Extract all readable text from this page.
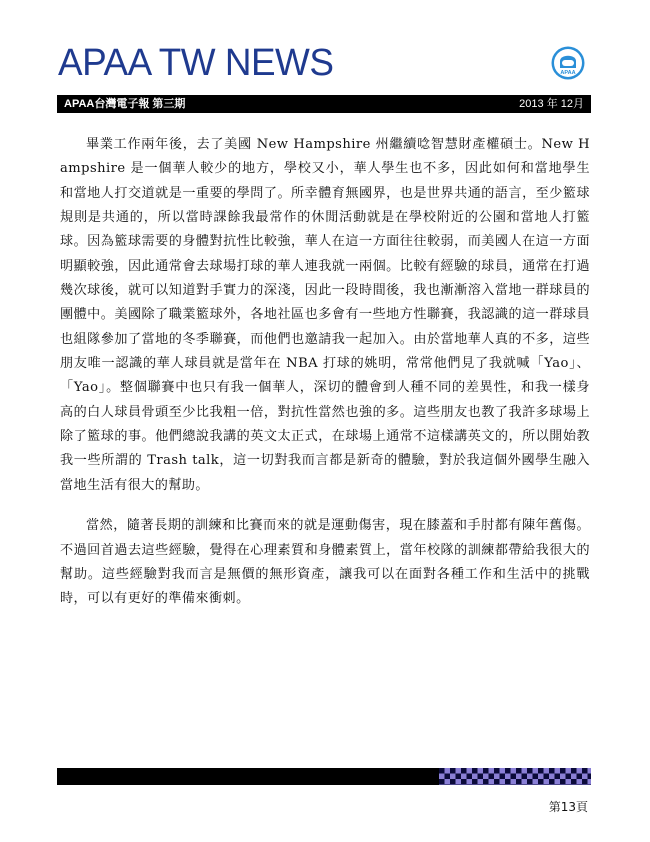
APAA TW NEWS	APAA
APAA台灣電子報 第三期	2013 年 12月

畢業工作兩年後，去了美國 New Hampshire 州繼續唸智慧財產權碩士。New Hampshire 是一個華人較少的地方，學校又小，華人學生也不多，因此如何和當地學生和當地人打交道就是一重要的學問了。所幸體育無國界，也是世界共通的語言，至少籃球規則是共通的，所以當時課餘我最常作的休閒活動就是在學校附近的公園和當地人打籃球。因為籃球需要的身體對抗性比較強，華人在這一方面往往較弱，而美國人在這一方面明顯較強，因此通常會去球場打球的華人連我就一兩個。比較有經驗的球員，通常在打過幾次球後，就可以知道對手實力的深淺，因此一段時間後，我也漸漸溶入當地一群球員的團體中。美國除了職業籃球外，各地社區也多會有一些地方性聯賽，我認識的這一群球員也組隊參加了當地的冬季聯賽，而他們也邀請我一起加入。由於當地華人真的不多，這些朋友唯一認識的華人球員就是當年在 NBA 打球的姚明，常常他們見了我就喊「Yao」、「Yao」。整個聯賽中也只有我一個華人，深切的體會到人種不同的差異性，和我一樣身高的白人球員骨頭至少比我粗一倍，對抗性當然也強的多。這些朋友也教了我許多球場上除了籃球的事。他們總說我講的英文太正式，在球場上通常不這樣講英文的，所以開始教我一些所謂的 Trash talk，這一切對我而言都是新奇的體驗，對於我這個外國學生融入當地生活有很大的幫助。

當然，隨著長期的訓練和比賽而來的就是運動傷害，現在膝蓋和手肘都有陳年舊傷。不過回首過去這些經驗，覺得在心理素質和身體素質上，當年校隊的訓練都帶給我很大的幫助。這些經驗對我而言是無價的無形資產，讓我可以在面對各種工作和生活中的挑戰時，可以有更好的準備來衝刺。

第13頁
